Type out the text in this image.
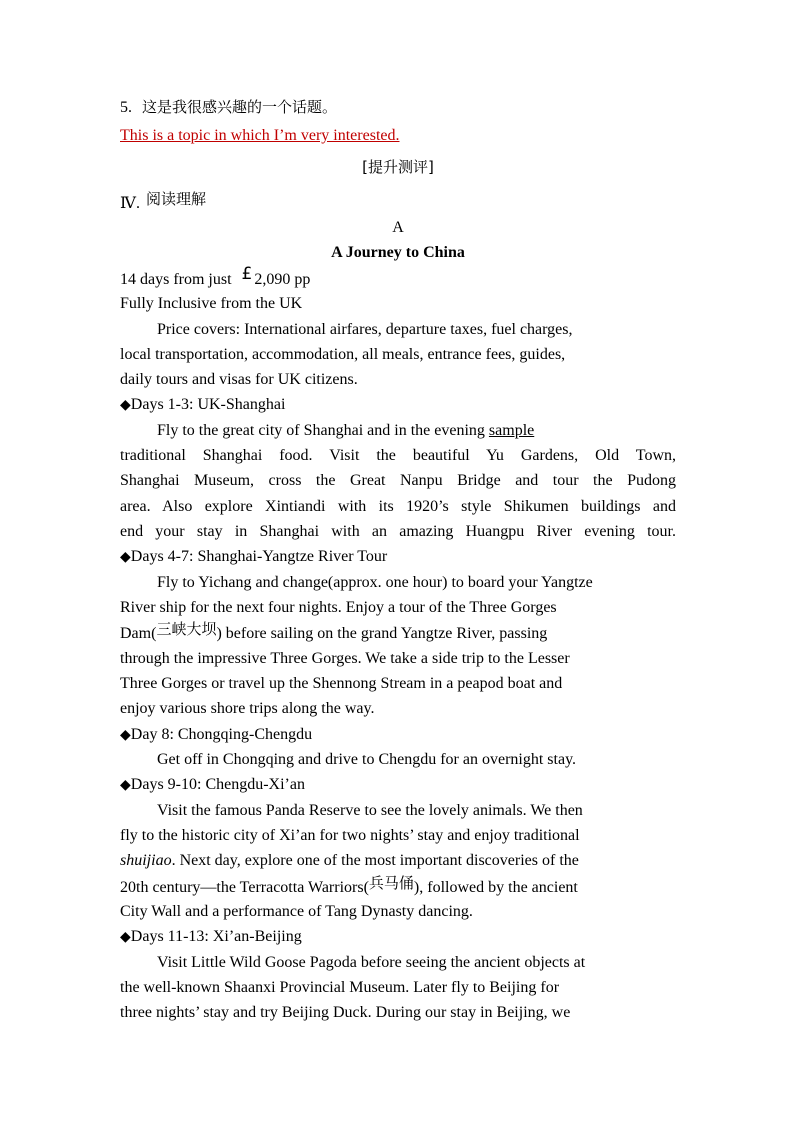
5. 这是我很感兴趣的一个话题。
This is a topic in which I’m very interested.
[提升测评]
Ⅳ. 阅读理解
A
A Journey to China
14 days from just £ 2,090 pp
Fully Inclusive from the UK
Price covers: International airfares, departure taxes, fuel charges,
local transportation, accommodation, all meals, entrance fees, guides,
daily tours and visas for UK citizens.
◆Days 1-3: UK-Shanghai
Fly to the great city of Shanghai and in the evening sample
traditional Shanghai food. Visit the beautiful Yu Gardens, Old Town,
Shanghai Museum, cross the Great Nanpu Bridge and tour the Pudong
area. Also explore Xintiandi with its 1920’s style Shikumen buildings and
end your stay in Shanghai with an amazing Huangpu River evening tour.
◆Days 4-7: Shanghai-Yangtze River Tour
Fly to Yichang and change(approx. one hour) to board your Yangtze
River ship for the next four nights. Enjoy a tour of the Three Gorges
Dam(三峡大坝) before sailing on the grand Yangtze River, passing
through the impressive Three Gorges. We take a side trip to the Lesser
Three Gorges or travel up the Shennong Stream in a peapod boat and
enjoy various shore trips along the way.
◆Day 8: Chongqing-Chengdu
Get off in Chongqing and drive to Chengdu for an overnight stay.
◆Days 9-10: Chengdu-Xi’an
Visit the famous Panda Reserve to see the lovely animals. We then
fly to the historic city of Xi’an for two nights’ stay and enjoy traditional
shuijiao. Next day, explore one of the most important discoveries of the
20th century—the Terracotta Warriors(兵马俑), followed by the ancient
City Wall and a performance of Tang Dynasty dancing.
◆Days 11-13: Xi’an-Beijing
Visit Little Wild Goose Pagoda before seeing the ancient objects at
the well-known Shaanxi Provincial Museum. Later fly to Beijing for
three nights’ stay and try Beijing Duck. During our stay in Beijing, we
